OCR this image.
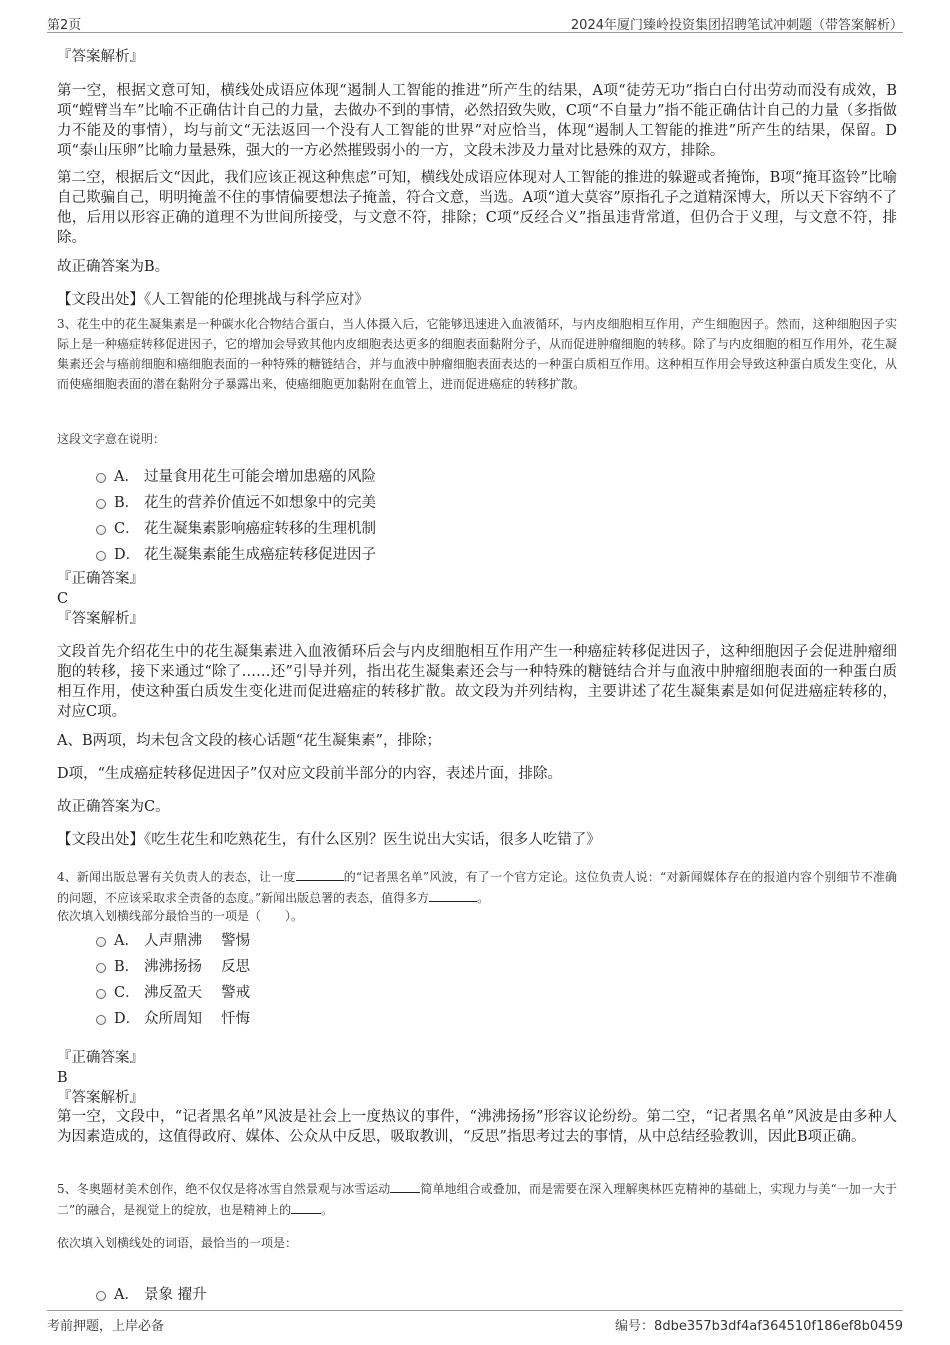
第2页	2024年厦门臻岭投资集团招聘笔试冲刺题（带答案解析）
『答案解析』
第一空，根据文意可知，横线处成语应体现“遏制人工智能的推进”所产生的结果，A项“徒劳无功”指白白付出劳动而没有成效，B项“螳臂当车”比喻不正确估计自己的力量，去做办不到的事情，必然招致失败，C项“不自量力”指不能正确估计自己的力量（多指做力不能及的事情），均与前文“无法返回一个没有人工智能的世界”对应恰当，体现“遏制人工智能的推进”所产生的结果，保留。D项“泰山压卵”比喻力量悬殊，强大的一方必然摧毁弱小的一方，文段未涉及力量对比悬殊的双方，排除。
第二空，根据后文“因此，我们应该正视这种焦虑”可知，横线处成语应体现对人工智能的推进的躲避或者掩饰，B项“掩耳盗铃”比喻自己欺骗自己，明明掩盖不住的事情偏要想法子掩盖，符合文意，当选。A项“道大莫容”原指孔子之道精深博大，所以天下容纳不了他，后用以形容正确的道理不为世间所接受，与文意不符，排除；C项“反经合义”指虽违背常道，但仍合于义理，与文意不符，排除。
故正确答案为B。
【文段出处】《人工智能的伦理挑战与科学应对》
3、花生中的花生凝集素是一种碳水化合物结合蛋白，当人体摄入后，它能够迅速进入血液循环，与内皮细胞相互作用，产生细胞因子。然而，这种细胞因子实际上是一种癌症转移促进因子，它的增加会导致其他内皮细胞表达更多的细胞表面黏附分子，从而促进肿瘤细胞的转移。除了与内皮细胞的相互作用外，花生凝集素还会与癌前细胞和癌细胞表面的一种特殊的糖链结合，并与血液中肿瘤细胞表面表达的一种蛋白质相互作用。这种相互作用会导致这种蛋白质发生变化，从而使癌细胞表面的潜在黏附分子暴露出来，使癌细胞更加黏附在血管上，进而促进癌症的转移扩散。
这段文字意在说明：
A． 过量食用花生可能会增加患癌的风险
B． 花生的营养价值远不如想象中的完美
C． 花生凝集素影响癌症转移的生理机制
D． 花生凝集素能生成癌症转移促进因子
『正确答案』
C
『答案解析』
文段首先介绍花生中的花生凝集素进入血液循环后会与内皮细胞相互作用产生一种癌症转移促进因子，这种细胞因子会促进肿瘤细胞的转移，接下来通过“除了……还”引导并列，指出花生凝集素还会与一种特殊的糖链结合并与血液中肿瘤细胞表面的一种蛋白质相互作用，使这种蛋白质发生变化进而促进癌症的转移扩散。故文段为并列结构，主要讲述了花生凝集素是如何促进癌症转移的，对应C项。
A、B两项，均未包含文段的核心话题“花生凝集素”，排除；
D项，“生成癌症转移促进因子”仅对应文段前半部分的内容，表述片面，排除。
故正确答案为C。
【文段出处】《吃生花生和吃熟花生，有什么区别？医生说出大实话，很多人吃错了》
4、新闻出版总署有关负责人的表态，让一度	的“记者黑名单”风波，有了一个官方定论。这位负责人说：“对新闻媒体存在的报道内容个别细节不准确的问题，不应该采取求全责备的态度。”新闻出版总署的表态，值得多方	。
依次填入划横线部分最恰当的一项是（　　）。
A． 人声鼎沸　 警惕
B． 沸沸扬扬　 反思
C． 沸反盈天　 警戒
D． 众所周知　 忏悔
『正确答案』
B
『答案解析』
第一空，文段中，“记者黑名单”风波是社会上一度热议的事件，“沸沸扬扬”形容议论纷纷。第二空，“记者黑名单”风波是由多种人为因素造成的，这值得政府、媒体、公众从中反思，吸取教训，“反思”指思考过去的事情，从中总结经验教训，因此B项正确。
5、冬奥题材美术创作，绝不仅仅是将冰雪自然景观与冰雪运动	简单地组合或叠加，而是需要在深入理解奥林匹克精神的基础上，实现力与美“一加一大于二”的融合，是视觉上的绽放，也是精神上的	。
依次填入划横线处的词语，最恰当的一项是：
A． 景象 擢升
考前押题，上岸必备	编号：8dbe357b3df4af364510f186ef8b0459
